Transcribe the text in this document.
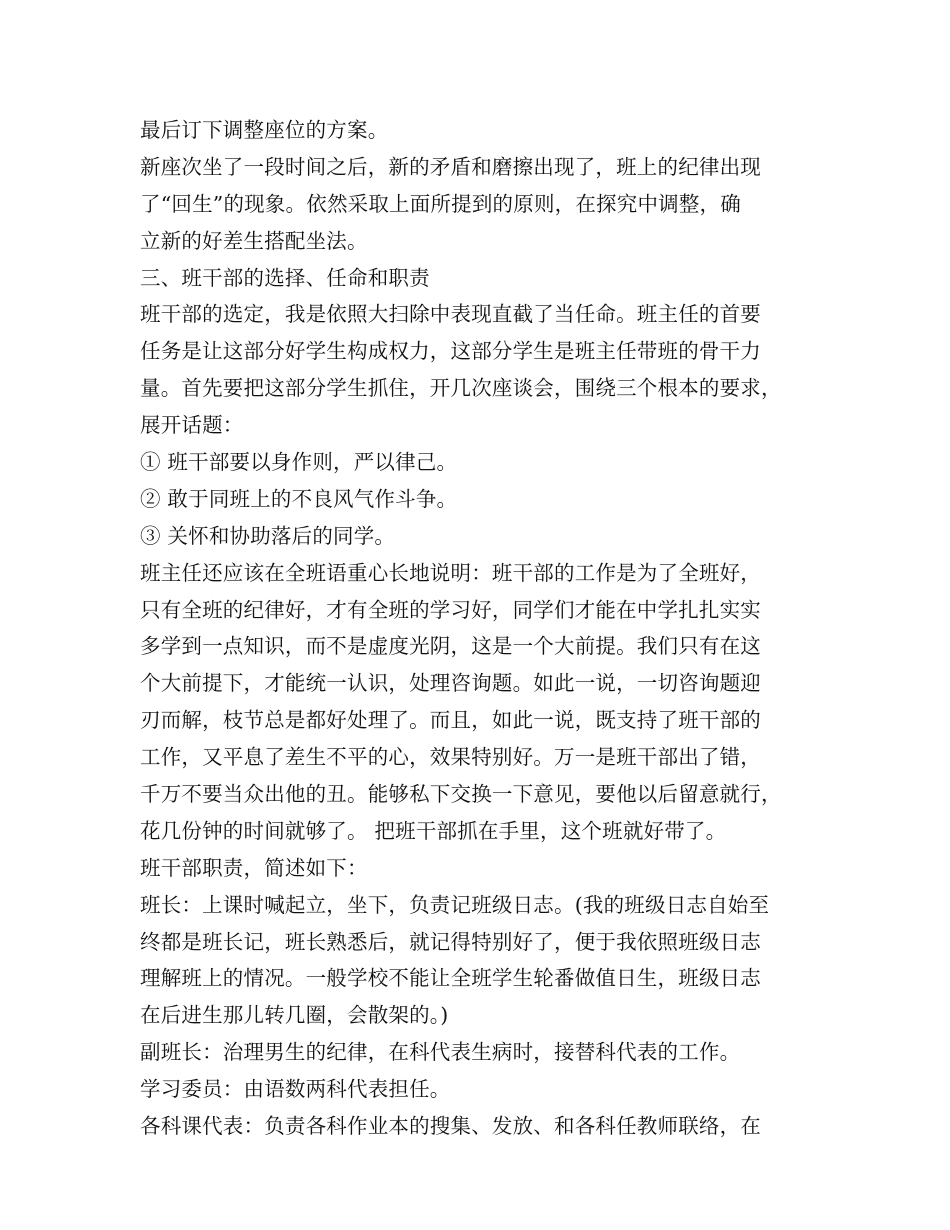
最后订下调整座位的方案。
新座次坐了一段时间之后，新的矛盾和磨擦出现了，班上的纪律出现
了“回生”的现象。依然采取上面所提到的原则，在探究中调整，确
立新的好差生搭配坐法。
三、班干部的选择、任命和职责
班干部的选定，我是依照大扫除中表现直截了当任命。班主任的首要
任务是让这部分好学生构成权力，这部分学生是班主任带班的骨干力
量。首先要把这部分学生抓住，开几次座谈会，围绕三个根本的要求，
展开话题：
① 班干部要以身作则，严以律己。
② 敢于同班上的不良风气作斗争。
③ 关怀和协助落后的同学。
班主任还应该在全班语重心长地说明：班干部的工作是为了全班好，
只有全班的纪律好，才有全班的学习好，同学们才能在中学扎扎实实
多学到一点知识，而不是虚度光阴，这是一个大前提。我们只有在这
个大前提下，才能统一认识，处理咨询题。如此一说，一切咨询题迎
刃而解，枝节总是都好处理了。而且，如此一说，既支持了班干部的
工作，又平息了差生不平的心，效果特别好。万一是班干部出了错，
千万不要当众出他的丑。能够私下交换一下意见，要他以后留意就行，
花几份钟的时间就够了。 把班干部抓在手里，这个班就好带了。
班干部职责，简述如下：
班长：上课时喊起立，坐下，负责记班级日志。(我的班级日志自始至
终都是班长记，班长熟悉后，就记得特别好了，便于我依照班级日志
理解班上的情况。一般学校不能让全班学生轮番做值日生，班级日志
在后进生那儿转几圈，会散架的。)
副班长：治理男生的纪律，在科代表生病时，接替科代表的工作。
学习委员：由语数两科代表担任。
各科课代表：负责各科作业本的搜集、发放、和各科任教师联络，在
